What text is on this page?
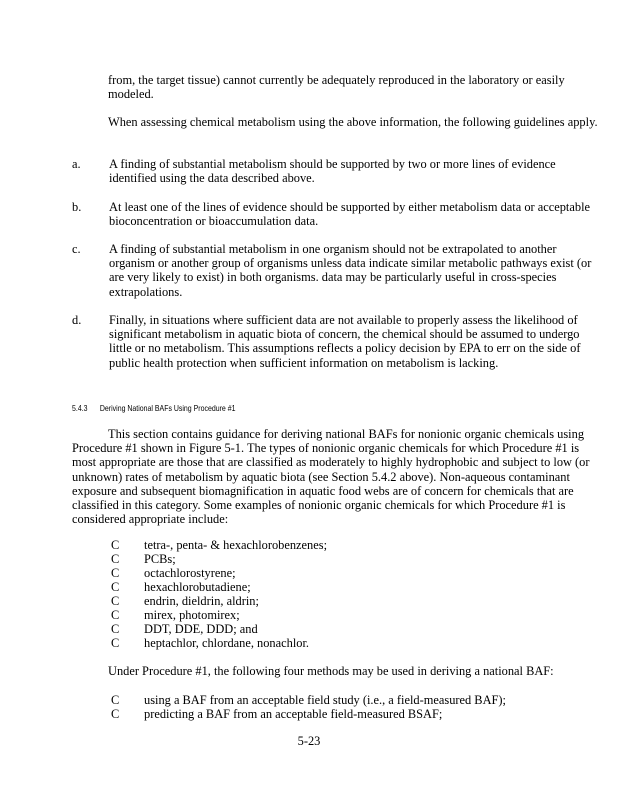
from, the target tissue) cannot currently be adequately reproduced in the laboratory or easily modeled.
When assessing chemical metabolism using the above information, the following guidelines apply.
a. A finding of substantial metabolism should be supported by two or more lines of evidence identified using the data described above.
b. At least one of the lines of evidence should be supported by either metabolism data or acceptable bioconcentration or bioaccumulation data.
c. A finding of substantial metabolism in one organism should not be extrapolated to another organism or another group of organisms unless data indicate similar metabolic pathways exist (or are very likely to exist) in both organisms. data may be particularly useful in cross-species extrapolations.
d. Finally, in situations where sufficient data are not available to properly assess the likelihood of significant metabolism in aquatic biota of concern, the chemical should be assumed to undergo little or no metabolism. This assumptions reflects a policy decision by EPA to err on the side of public health protection when sufficient information on metabolism is lacking.
5.4.3 Deriving National BAFs Using Procedure #1
This section contains guidance for deriving national BAFs for nonionic organic chemicals using Procedure #1 shown in Figure 5-1. The types of nonionic organic chemicals for which Procedure #1 is most appropriate are those that are classified as moderately to highly hydrophobic and subject to low (or unknown) rates of metabolism by aquatic biota (see Section 5.4.2 above). Non-aqueous contaminant exposure and subsequent biomagnification in aquatic food webs are of concern for chemicals that are classified in this category. Some examples of nonionic organic chemicals for which Procedure #1 is considered appropriate include:
C tetra-, penta- & hexachlorobenzenes;
C PCBs;
C octachlorostyrene;
C hexachlorobutadiene;
C endrin, dieldrin, aldrin;
C mirex, photomirex;
C DDT, DDE, DDD; and
C heptachlor, chlordane, nonachlor.
Under Procedure #1, the following four methods may be used in deriving a national BAF:
C using a BAF from an acceptable field study (i.e., a field-measured BAF);
C predicting a BAF from an acceptable field-measured BSAF;
5-23
